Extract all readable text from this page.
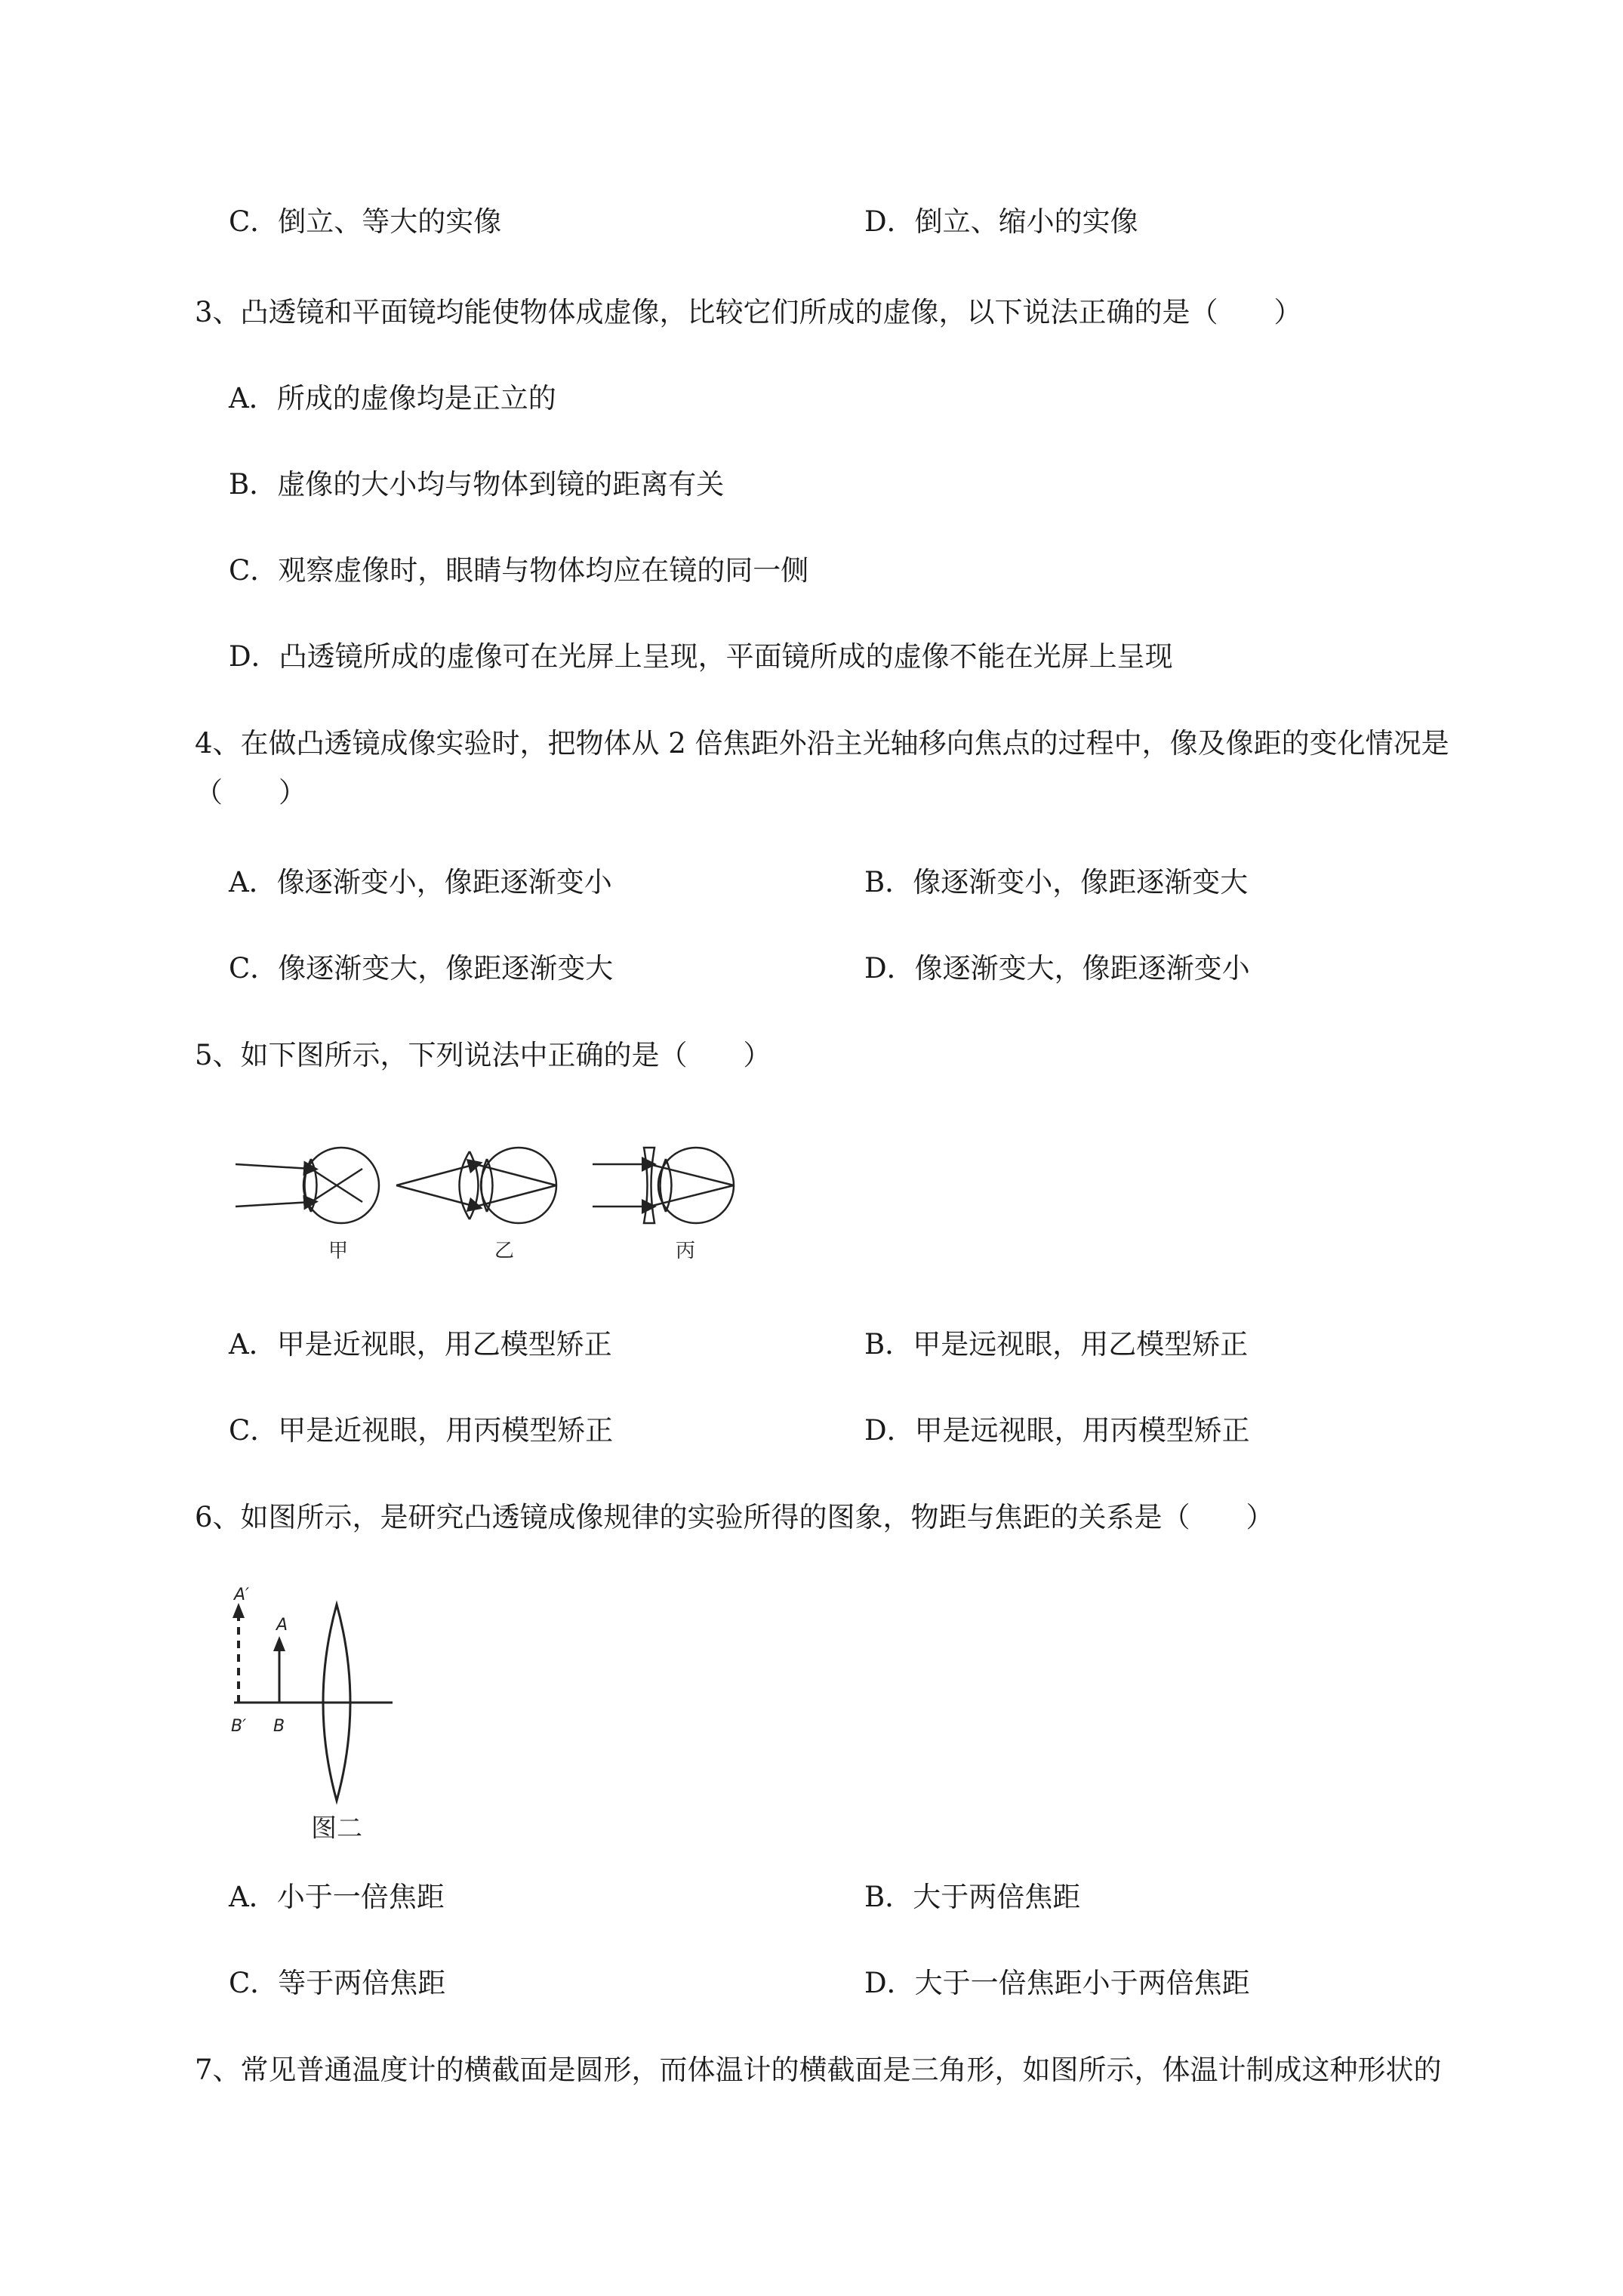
C．倒立、等大的实像	D．倒立、缩小的实像
3、凸透镜和平面镜均能使物体成虚像，比较它们所成的虚像，以下说法正确的是（　　）
A．所成的虚像均是正立的
B．虚像的大小均与物体到镜的距离有关
C．观察虚像时，眼睛与物体均应在镜的同一侧
D．凸透镜所成的虚像可在光屏上呈现，平面镜所成的虚像不能在光屏上呈现
4、在做凸透镜成像实验时，把物体从 2 倍焦距外沿主光轴移向焦点的过程中，像及像距的变化情况是
（　　）
A．像逐渐变小，像距逐渐变小	B．像逐渐变小，像距逐渐变大
C．像逐渐变大，像距逐渐变大	D．像逐渐变大，像距逐渐变小
5、如下图所示，下列说法中正确的是（　　）
甲	乙	丙
A．甲是近视眼，用乙模型矫正	B．甲是远视眼，用乙模型矫正
C．甲是近视眼，用丙模型矫正	D．甲是远视眼，用丙模型矫正
6、如图所示，是研究凸透镜成像规律的实验所得的图象，物距与焦距的关系是（　　）
A′
A
B′ B
图二
A．小于一倍焦距	B．大于两倍焦距
C．等于两倍焦距	D．大于一倍焦距小于两倍焦距
7、常见普通温度计的横截面是圆形，而体温计的横截面是三角形，如图所示，体温计制成这种形状的
